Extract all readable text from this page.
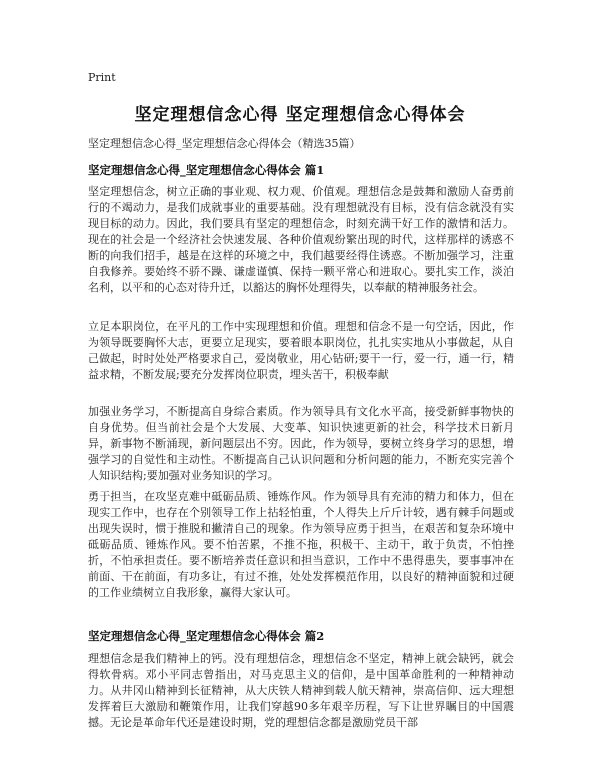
Print
坚定理想信念心得 坚定理想信念心得体会
坚定理想信念心得_坚定理想信念心得体会（精选35篇）
坚定理想信念心得_坚定理想信念心得体会 篇1

坚定理想信念，树立正确的事业观、权力观、价值观。理想信念是鼓舞和激励人奋勇前行的不竭动力，是我们成就事业的重要基础。没有理想就没有目标，没有信念就没有实现目标的动力。因此，我们要具有坚定的理想信念，时刻充满干好工作的激情和活力。现在的社会是一个经济社会快速发展、各种价值观纷繁出现的时代，这样那样的诱惑不断的向我们招手，越是在这样的环境之中，我们越要经得住诱惑。不断加强学习，注重自我修养。要始终不骄不躁、谦虚谨慎、保持一颗平常心和进取心。要扎实工作，淡泊名利，以平和的心态对待升迁，以豁达的胸怀处理得失，以奉献的精神服务社会。

立足本职岗位，在平凡的工作中实现理想和价值。理想和信念不是一句空话，因此，作为领导既要胸怀大志，更要立足现实，要着眼本职岗位，扎扎实实地从小事做起，从自己做起，时时处处严格要求自己，爱岗敬业，用心钻研;要干一行，爱一行，通一行，精益求精，不断发展;要充分发挥岗位职责，埋头苦干，积极奉献

加强业务学习，不断提高自身综合素质。作为领导具有文化水平高，接受新鲜事物快的自身优势。但当前社会是个大发展、大变革、知识快速更新的社会，科学技术日新月异，新事物不断涌现，新问题层出不穷。因此，作为领导，要树立终身学习的思想，增强学习的自觉性和主动性。不断提高自己认识问题和分析问题的能力，不断充实完善个人知识结构;要加强对业务知识的学习。

勇于担当，在攻坚克难中砥砺品质、锤炼作风。作为领导具有充沛的精力和体力，但在现实工作中，也存在个别领导工作上拈轻怕重，个人得失上斤斤计较，遇有棘手问题或出现失误时，惯于推脱和撇清自己的现象。作为领导应勇于担当，在艰苦和复杂环境中砥砺品质、锤炼作风。要不怕苦累，不推不拖，积极干、主动干，敢于负责，不怕挫折，不怕承担责任。要不断培养责任意识和担当意识，工作中不患得患失，要事事冲在前面、干在前面，有功多让，有过不推，处处发挥模范作用，以良好的精神面貌和过硬的工作业绩树立自我形象，赢得大家认可。

坚定理想信念心得_坚定理想信念心得体会 篇2

理想信念是我们精神上的钙。没有理想信念，理想信念不坚定，精神上就会缺钙，就会得软骨病。邓小平同志曾指出，对马克思主义的信仰，是中国革命胜利的一种精神动力。从井冈山精神到长征精神，从大庆铁人精神到载人航天精神，崇高信仰、远大理想发挥着巨大激励和鞭策作用，让我们穿越90多年艰辛历程，写下让世界瞩目的中国震撼。无论是革命年代还是建设时期，党的理想信念都是激励党员干部
